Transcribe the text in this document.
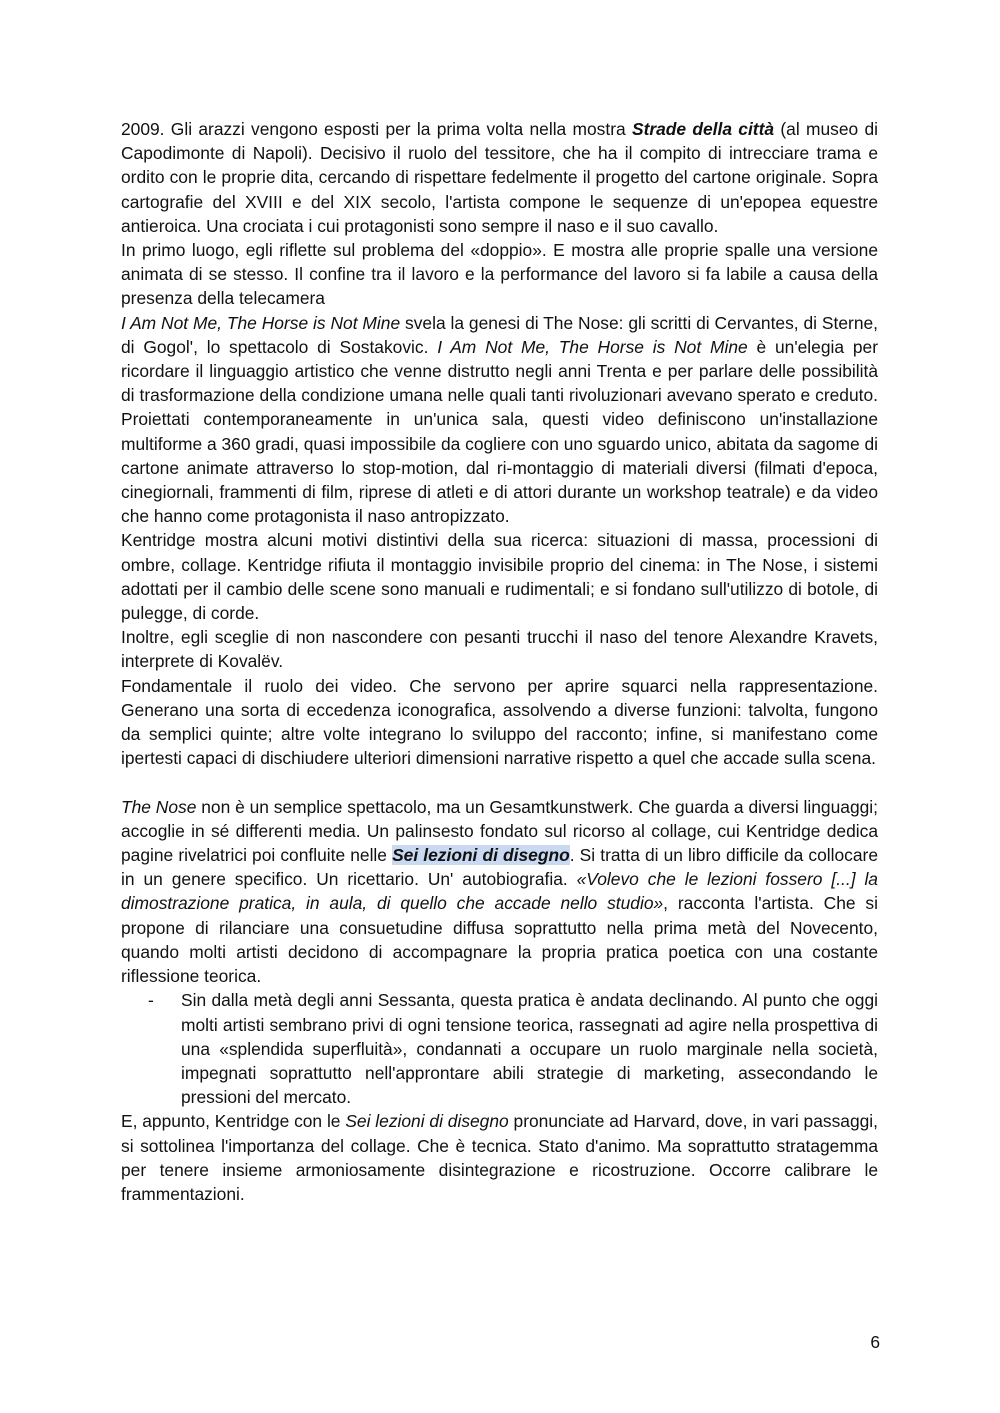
2009. Gli arazzi vengono esposti per la prima volta nella mostra Strade della città (al museo di Capodimonte di Napoli). Decisivo il ruolo del tessitore, che ha il compito di intrecciare trama e ordito con le proprie dita, cercando di rispettare fedelmente il progetto del cartone originale. Sopra cartografie del XVIII e del XIX secolo, l'artista compone le sequenze di un'epopea equestre antieroica. Una crociata i cui protagonisti sono sempre il naso e il suo cavallo.

In primo luogo, egli riflette sul problema del «doppio». E mostra alle proprie spalle una versione animata di se stesso. Il confine tra il lavoro e la performance del lavoro si fa labile a causa della presenza della telecamera

I Am Not Me, The Horse is Not Mine svela la genesi di The Nose: gli scritti di Cervantes, di Sterne, di Gogol', lo spettacolo di Sostakovic. I Am Not Me, The Horse is Not Mine è un'elegia per ricordare il linguaggio artistico che venne distrutto negli anni Trenta e per parlare delle possibilità di trasformazione della condizione umana nelle quali tanti rivoluzionari avevano sperato e creduto. Proiettati contemporaneamente in un'unica sala, questi video definiscono un'installazione multiforme a 360 gradi, quasi impossibile da cogliere con uno sguardo unico, abitata da sagome di cartone animate attraverso lo stop-motion, dal ri-montaggio di materiali diversi (filmati d'epoca, cinegiornali, frammenti di film, riprese di atleti e di attori durante un workshop teatrale) e da video che hanno come protagonista il naso antropizzato.

Kentridge mostra alcuni motivi distintivi della sua ricerca: situazioni di massa, processioni di ombre, collage. Kentridge rifiuta il montaggio invisibile proprio del cinema: in The Nose, i sistemi adottati per il cambio delle scene sono manuali e rudimentali; e si fondano sull'utilizzo di botole, di pulegge, di corde.

Inoltre, egli sceglie di non nascondere con pesanti trucchi il naso del tenore Alexandre Kravets, interprete di Kovalëv.

Fondamentale il ruolo dei video. Che servono per aprire squarci nella rappresentazione. Generano una sorta di eccedenza iconografica, assolvendo a diverse funzioni: talvolta, fungono da semplici quinte; altre volte integrano lo sviluppo del racconto; infine, si manifestano come ipertesti capaci di dischiudere ulteriori dimensioni narrative rispetto a quel che accade sulla scena.

The Nose non è un semplice spettacolo, ma un Gesamtkunstwerk. Che guarda a diversi linguaggi; accoglie in sé differenti media. Un palinsesto fondato sul ricorso al collage, cui Kentridge dedica pagine rivelatrici poi confluite nelle Sei lezioni di disegno. Si tratta di un libro difficile da collocare in un genere specifico. Un ricettario. Un' autobiografia. «Volevo che le lezioni fossero [...] la dimostrazione pratica, in aula, di quello che accade nello studio», racconta l'artista. Che si propone di rilanciare una consuetudine diffusa soprattutto nella prima metà del Novecento, quando molti artisti decidono di accompagnare la propria pratica poetica con una costante riflessione teorica.

- Sin dalla metà degli anni Sessanta, questa pratica è andata declinando. Al punto che oggi molti artisti sembrano privi di ogni tensione teorica, rassegnati ad agire nella prospettiva di una «splendida superfluità», condannati a occupare un ruolo marginale nella società, impegnati soprattutto nell'approntare abili strategie di marketing, assecondando le pressioni del mercato.

E, appunto, Kentridge con le Sei lezioni di disegno pronunciate ad Harvard, dove, in vari passaggi, si sottolinea l'importanza del collage. Che è tecnica. Stato d'animo. Ma soprattutto stratagemma per tenere insieme armoniosamente disintegrazione e ricostruzione. Occorre calibrare le frammentazioni.

6
